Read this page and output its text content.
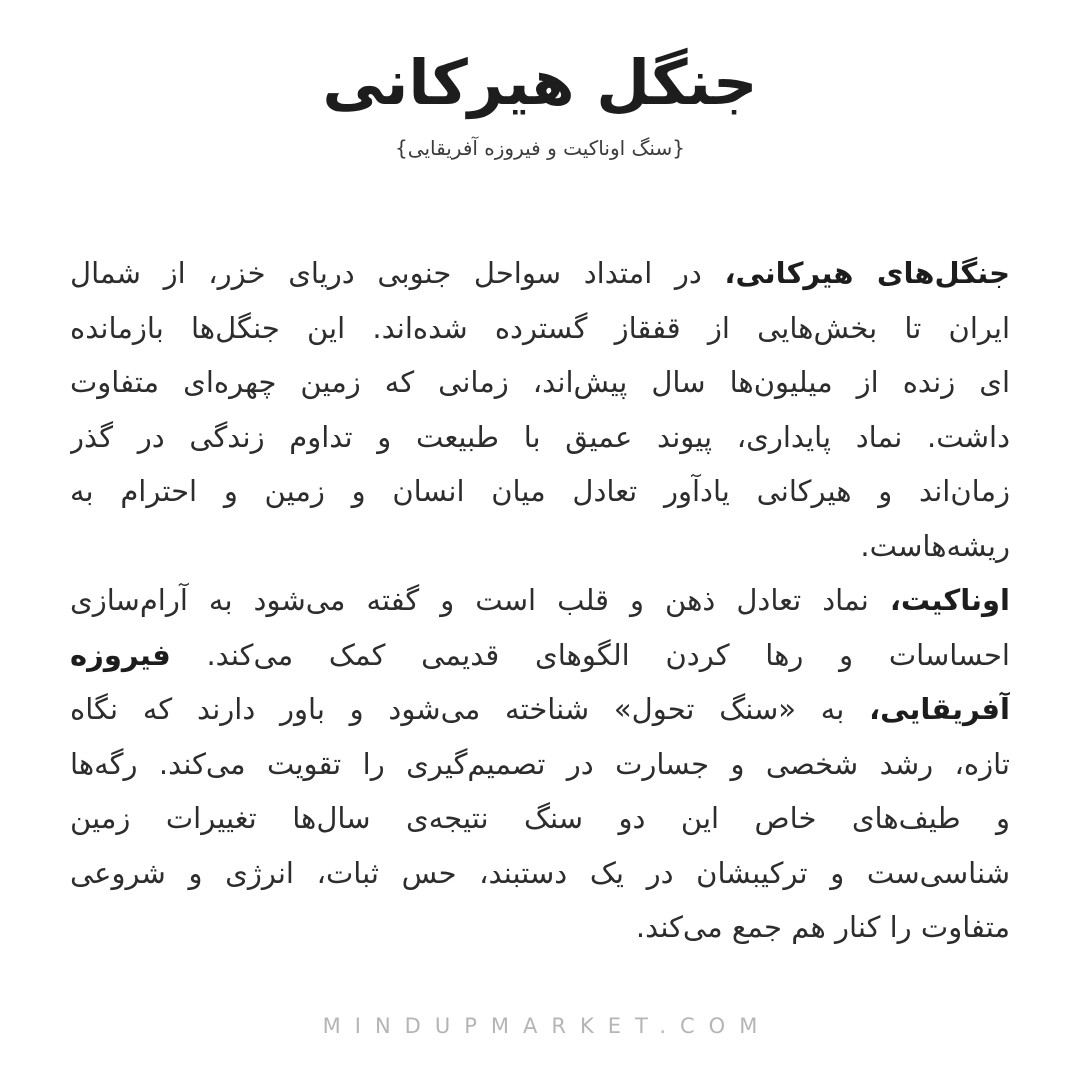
جنگل هیرکانی
{سنگ اوناکیت و فیروزه آفریقایی}
جنگل‌های هیرکانی، در امتداد سواحل جنوبی دریای خزر، از شمال
ایران تا بخش‌هایی از قفقاز گسترده شده‌اند. این جنگل‌ها بازمانده
ای زنده از میلیون‌ها سال پیش‌اند، زمانی که زمین چهره‌ای متفاوت
داشت. نماد پایداری، پیوند عمیق با طبیعت و تداوم زندگی در گذر
زمان‌اند و هیرکانی یادآور تعادل میان انسان و زمین و احترام به
ریشه‌هاست.
اوناکیت، نماد تعادل ذهن و قلب است و گفته می‌شود به آرام‌سازی
احساسات و رها کردن الگوهای قدیمی کمک می‌کند. فیروزه
آفریقایی، به «سنگ تحول» شناخته می‌شود و باور دارند که نگاه
تازه، رشد شخصی و جسارت در تصمیم‌گیری را تقویت می‌کند. رگه‌ها
و طیف‌های خاص این دو سنگ نتیجه‌ی سال‌ها تغییرات زمین
شناسی‌ست و ترکیبشان در یک دستبند، حس ثبات، انرژی و شروعی
متفاوت را کنار هم جمع می‌کند.
MINDUPMARKET.COM
